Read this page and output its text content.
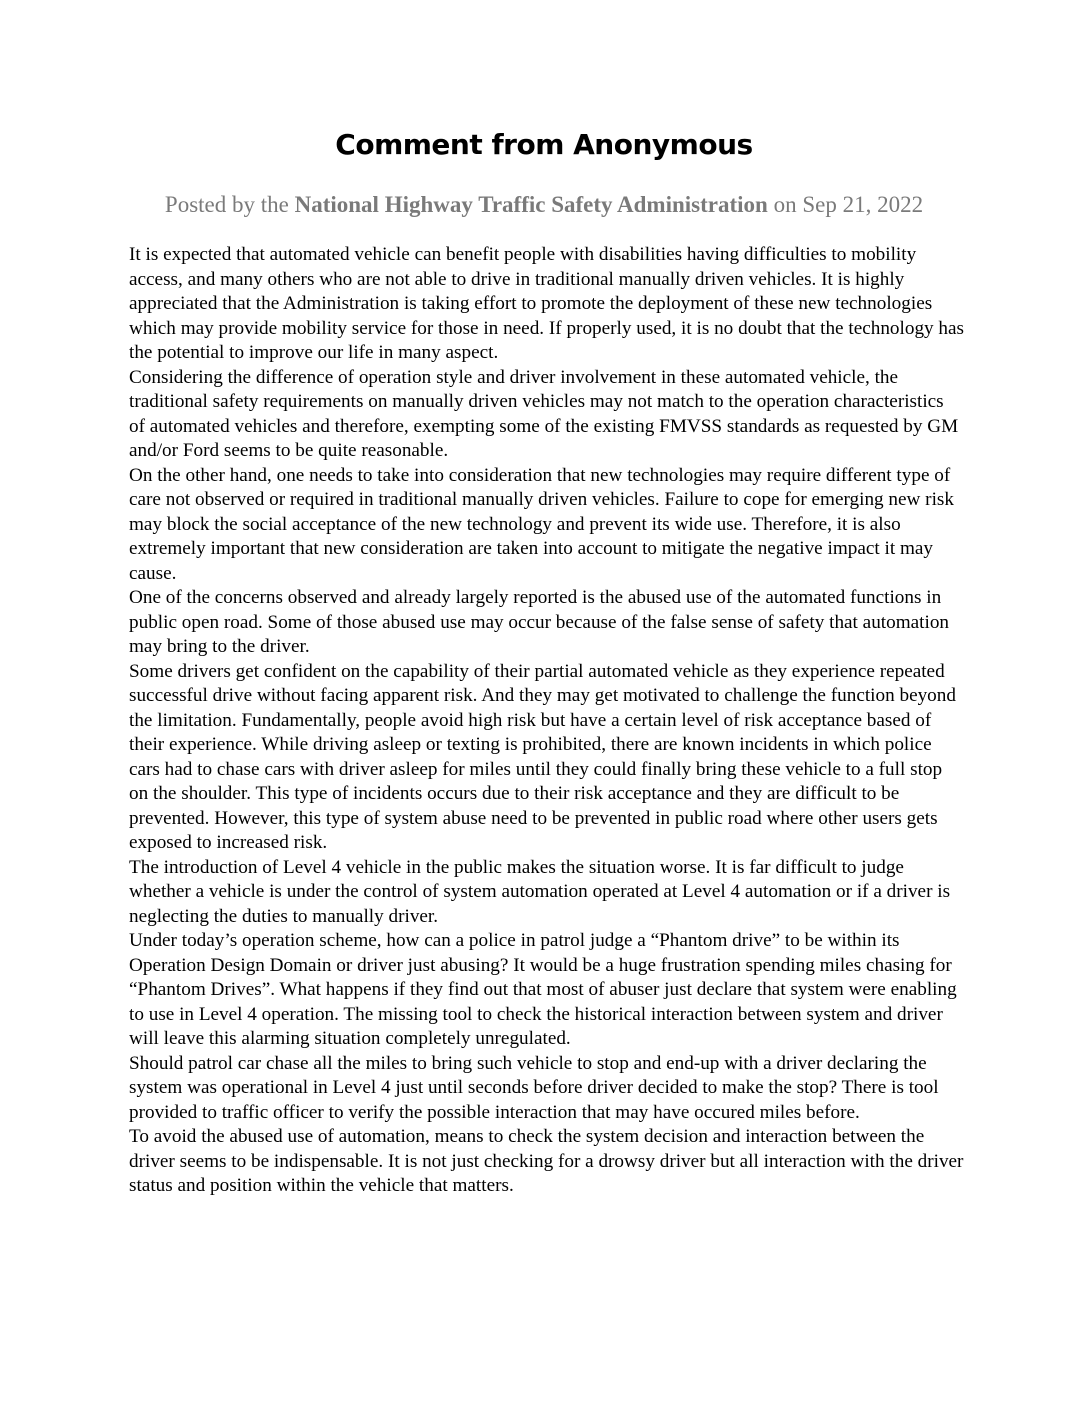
Comment from Anonymous
Posted by the National Highway Traffic Safety Administration on Sep 21, 2022

It is expected that automated vehicle can benefit people with disabilities having difficulties to mobility access, and many others who are not able to drive in traditional manually driven vehicles. It is highly appreciated that the Administration is taking effort to promote the deployment of these new technologies which may provide mobility service for those in need. If properly used, it is no doubt that the technology has the potential to improve our life in many aspect.

Considering the difference of operation style and driver involvement in these automated vehicle, the traditional safety requirements on manually driven vehicles may not match to the operation characteristics of automated vehicles and therefore, exempting some of the existing FMVSS standards as requested by GM and/or Ford seems to be quite reasonable.

On the other hand, one needs to take into consideration that new technologies may require different type of care not observed or required in traditional manually driven vehicles. Failure to cope for emerging new risk may block the social acceptance of the new technology and prevent its wide use. Therefore, it is also extremely important that new consideration are taken into account to mitigate the negative impact it may cause.

One of the concerns observed and already largely reported is the abused use of the automated functions in public open road. Some of those abused use may occur because of the false sense of safety that automation may bring to the driver.

Some drivers get confident on the capability of their partial automated vehicle as they experience repeated successful drive without facing apparent risk. And they may get motivated to challenge the function beyond the limitation. Fundamentally, people avoid high risk but have a certain level of risk acceptance based of their experience. While driving asleep or texting is prohibited, there are known incidents in which police cars had to chase cars with driver asleep for miles until they could finally bring these vehicle to a full stop on the shoulder. This type of incidents occurs due to their risk acceptance and they are difficult to be prevented. However, this type of system abuse need to be prevented in public road where other users gets exposed to increased risk.

The introduction of Level 4 vehicle in the public makes the situation worse. It is far difficult to judge whether a vehicle is under the control of system automation operated at Level 4 automation or if a driver is neglecting the duties to manually driver.

Under today’s operation scheme, how can a police in patrol judge a “Phantom drive” to be within its Operation Design Domain or driver just abusing? It would be a huge frustration spending miles chasing for “Phantom Drives”. What happens if they find out that most of abuser just declare that system were enabling to use in Level 4 operation. The missing tool to check the historical interaction between system and driver will leave this alarming situation completely unregulated.

Should patrol car chase all the miles to bring such vehicle to stop and end-up with a driver declaring the system was operational in Level 4 just until seconds before driver decided to make the stop? There is tool provided to traffic officer to verify the possible interaction that may have occured miles before.

To avoid the abused use of automation, means to check the system decision and interaction between the driver seems to be indispensable. It is not just checking for a drowsy driver but all interaction with the driver status and position within the vehicle that matters.
